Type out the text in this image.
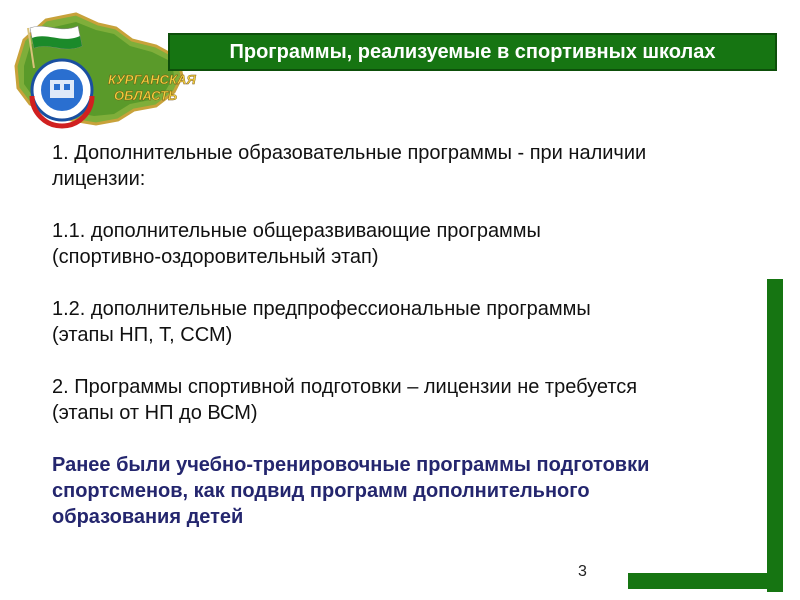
КУРГАНСКАЯ
ОБЛАСТЬ
Программы, реализуемые в спортивных школах

1. Дополнительные образовательные программы - при наличии

лицензии:

1.1. дополнительные общеразвивающие программы

(спортивно-оздоровительный этап)

1.2. дополнительные предпрофессиональные программы

(этапы НП, Т, ССМ)

2. Программы спортивной подготовки – лицензии не требуется

(этапы от НП до ВСМ)

Ранее были учебно-тренировочные программы подготовки

спортсменов, как подвид программ дополнительного

образования детей

3
